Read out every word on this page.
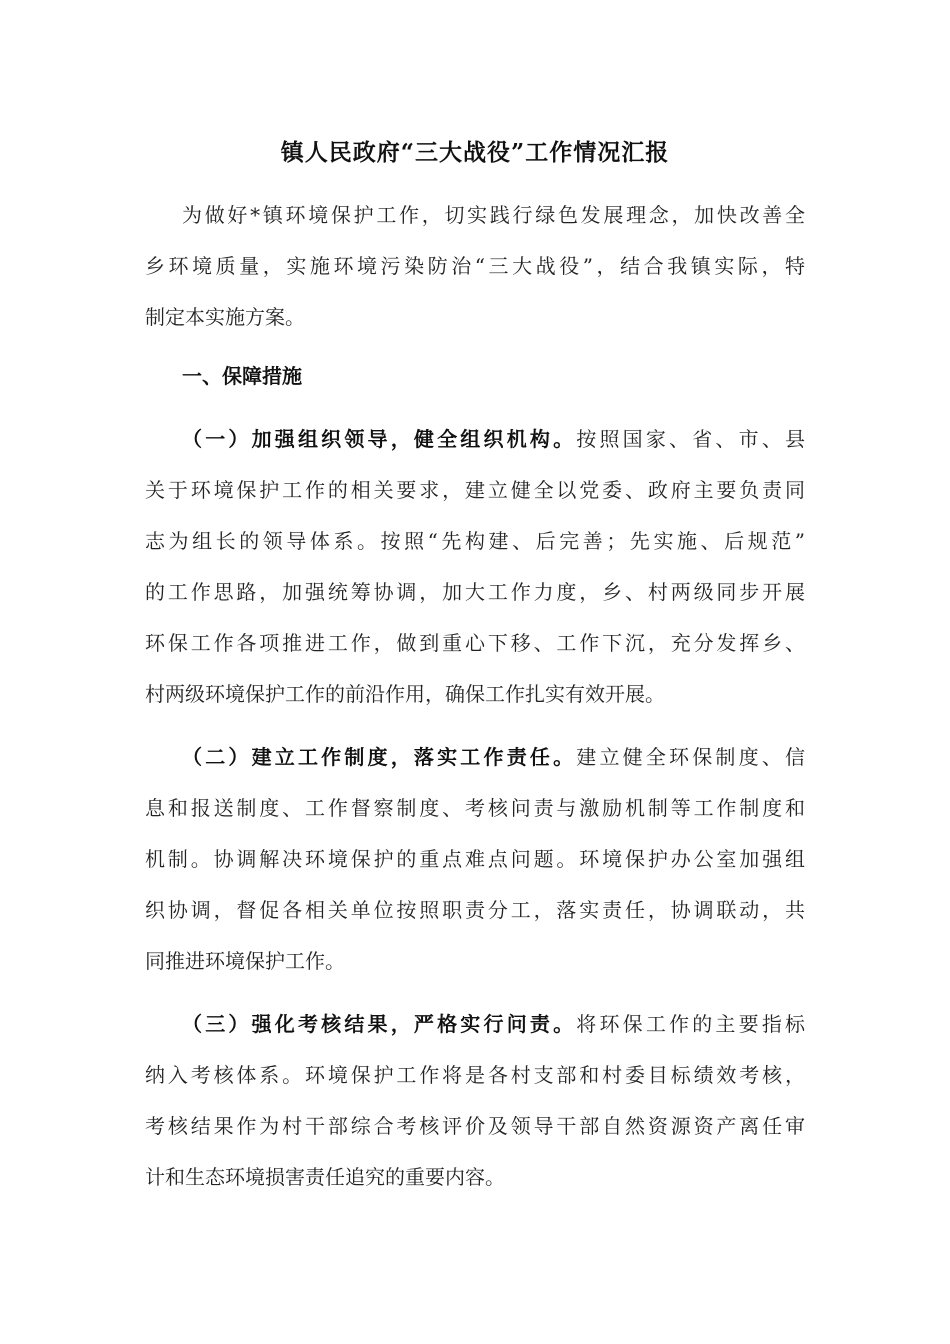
镇人民政府“三大战役”工作情况汇报
为做好*镇环境保护工作，切实践行绿色发展理念，加快改善全
乡环境质量，实施环境污染防治“三大战役”，结合我镇实际，特
制定本实施方案。
一、保障措施
（一）加强组织领导，健全组织机构。按照国家、省、市、县
关于环境保护工作的相关要求，建立健全以党委、政府主要负责同
志为组长的领导体系。按照“先构建、后完善；先实施、后规范”
的工作思路，加强统筹协调，加大工作力度，乡、村两级同步开展
环保工作各项推进工作，做到重心下移、工作下沉，充分发挥乡、
村两级环境保护工作的前沿作用，确保工作扎实有效开展。
（二）建立工作制度，落实工作责任。建立健全环保制度、信
息和报送制度、工作督察制度、考核问责与激励机制等工作制度和
机制。协调解决环境保护的重点难点问题。环境保护办公室加强组
织协调，督促各相关单位按照职责分工，落实责任，协调联动，共
同推进环境保护工作。
（三）强化考核结果，严格实行问责。将环保工作的主要指标
纳入考核体系。环境保护工作将是各村支部和村委目标绩效考核，
考核结果作为村干部综合考核评价及领导干部自然资源资产离任审
计和生态环境损害责任追究的重要内容。
